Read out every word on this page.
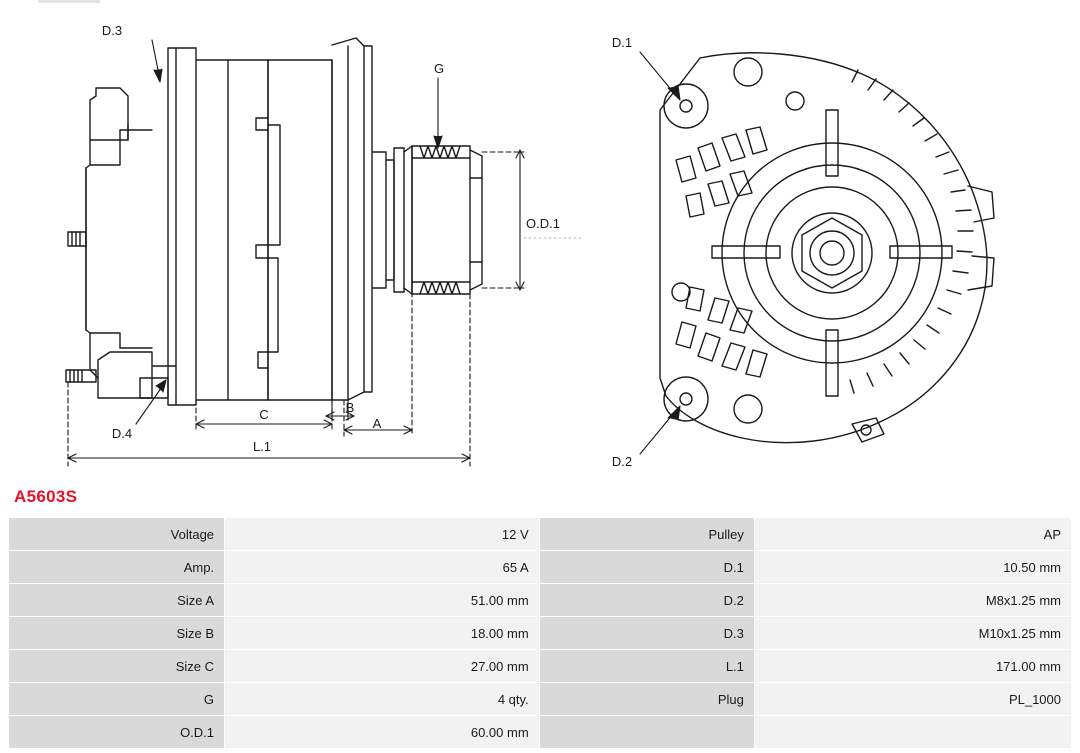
D.3
G
O.D.1
C	B
A
L.1
D.4
D.1
D.2
A5603S
Voltage	12 V	Pulley	AP
Amp.	65 A	D.1	10.50 mm
Size A	51.00 mm	D.2	M8x1.25 mm
Size B	18.00 mm	D.3	M10x1.25 mm
Size C	27.00 mm	L.1	171.00 mm
G	4 qty.	Plug	PL_1000
O.D.1	60.00 mm		
